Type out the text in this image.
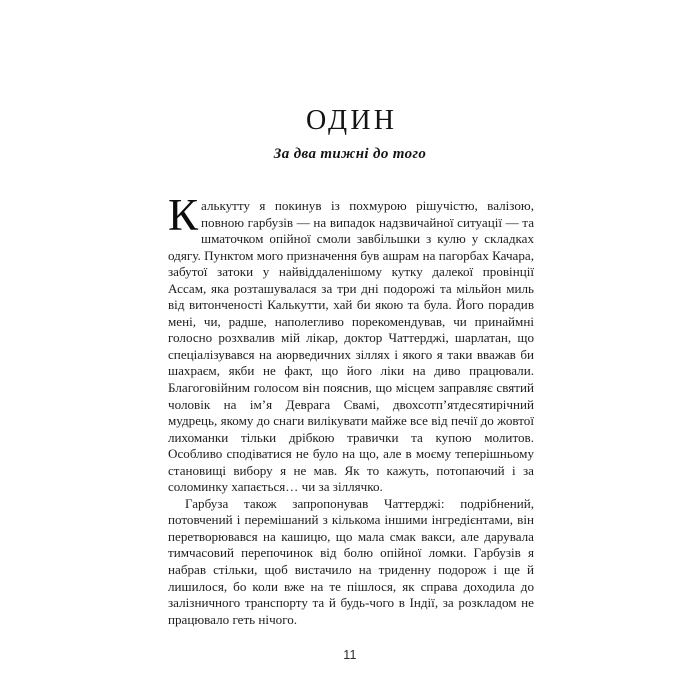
ОДИН
За два тижні до того

Калькутту я покинув із похмурою рішучістю, валізою, повною гарбузів — на випадок надзвичайної ситуації — та шматочком опійної смоли завбільшки з кулю у складках одягу. Пунктом мого призначення був ашрам на пагорбах Качара, забутої затоки у найвіддаленішому кутку далекої провінції Ассам, яка розташувалася за три дні подорожі та мільйон миль від витонченості Калькутти, хай би якою та була. Його порадив мені, чи, радше, наполегливо порекомендував, чи принаймні голосно розхвалив мій лікар, доктор Чаттерджі, шарлатан, що спеціалізувався на аюрведичних зіллях і якого я таки вважав би шахраєм, якби не факт, що його ліки на диво працювали. Благоговійним голосом він пояснив, що місцем заправляє святий чоловік на ім’я Деврага Свамі, двохсотп’ятдесятирічний мудрець, якому до снаги вилікувати майже все від печії до жовтої лихоманки тільки дрібкою травички та купою молитов. Особливо сподіватися не було на що, але в моєму теперішньому становищі вибору я не мав. Як то кажуть, потопаючий і за соломинку хапається… чи за зіллячко.

Гарбуза також запропонував Чаттерджі: подрібнений, потовчений і перемішаний з кількома іншими інгредієнтами, він перетворювався на кашицю, що мала смак вакси, але дарувала тимчасовий перепочинок від болю опійної ломки. Гарбузів я набрав стільки, щоб вистачило на триденну подорож і ще й лишилося, бо коли вже на те пішлося, як справа доходила до залізничного транспорту та й будь-чого в Індії, за розкладом не працювало геть нічого.

11
